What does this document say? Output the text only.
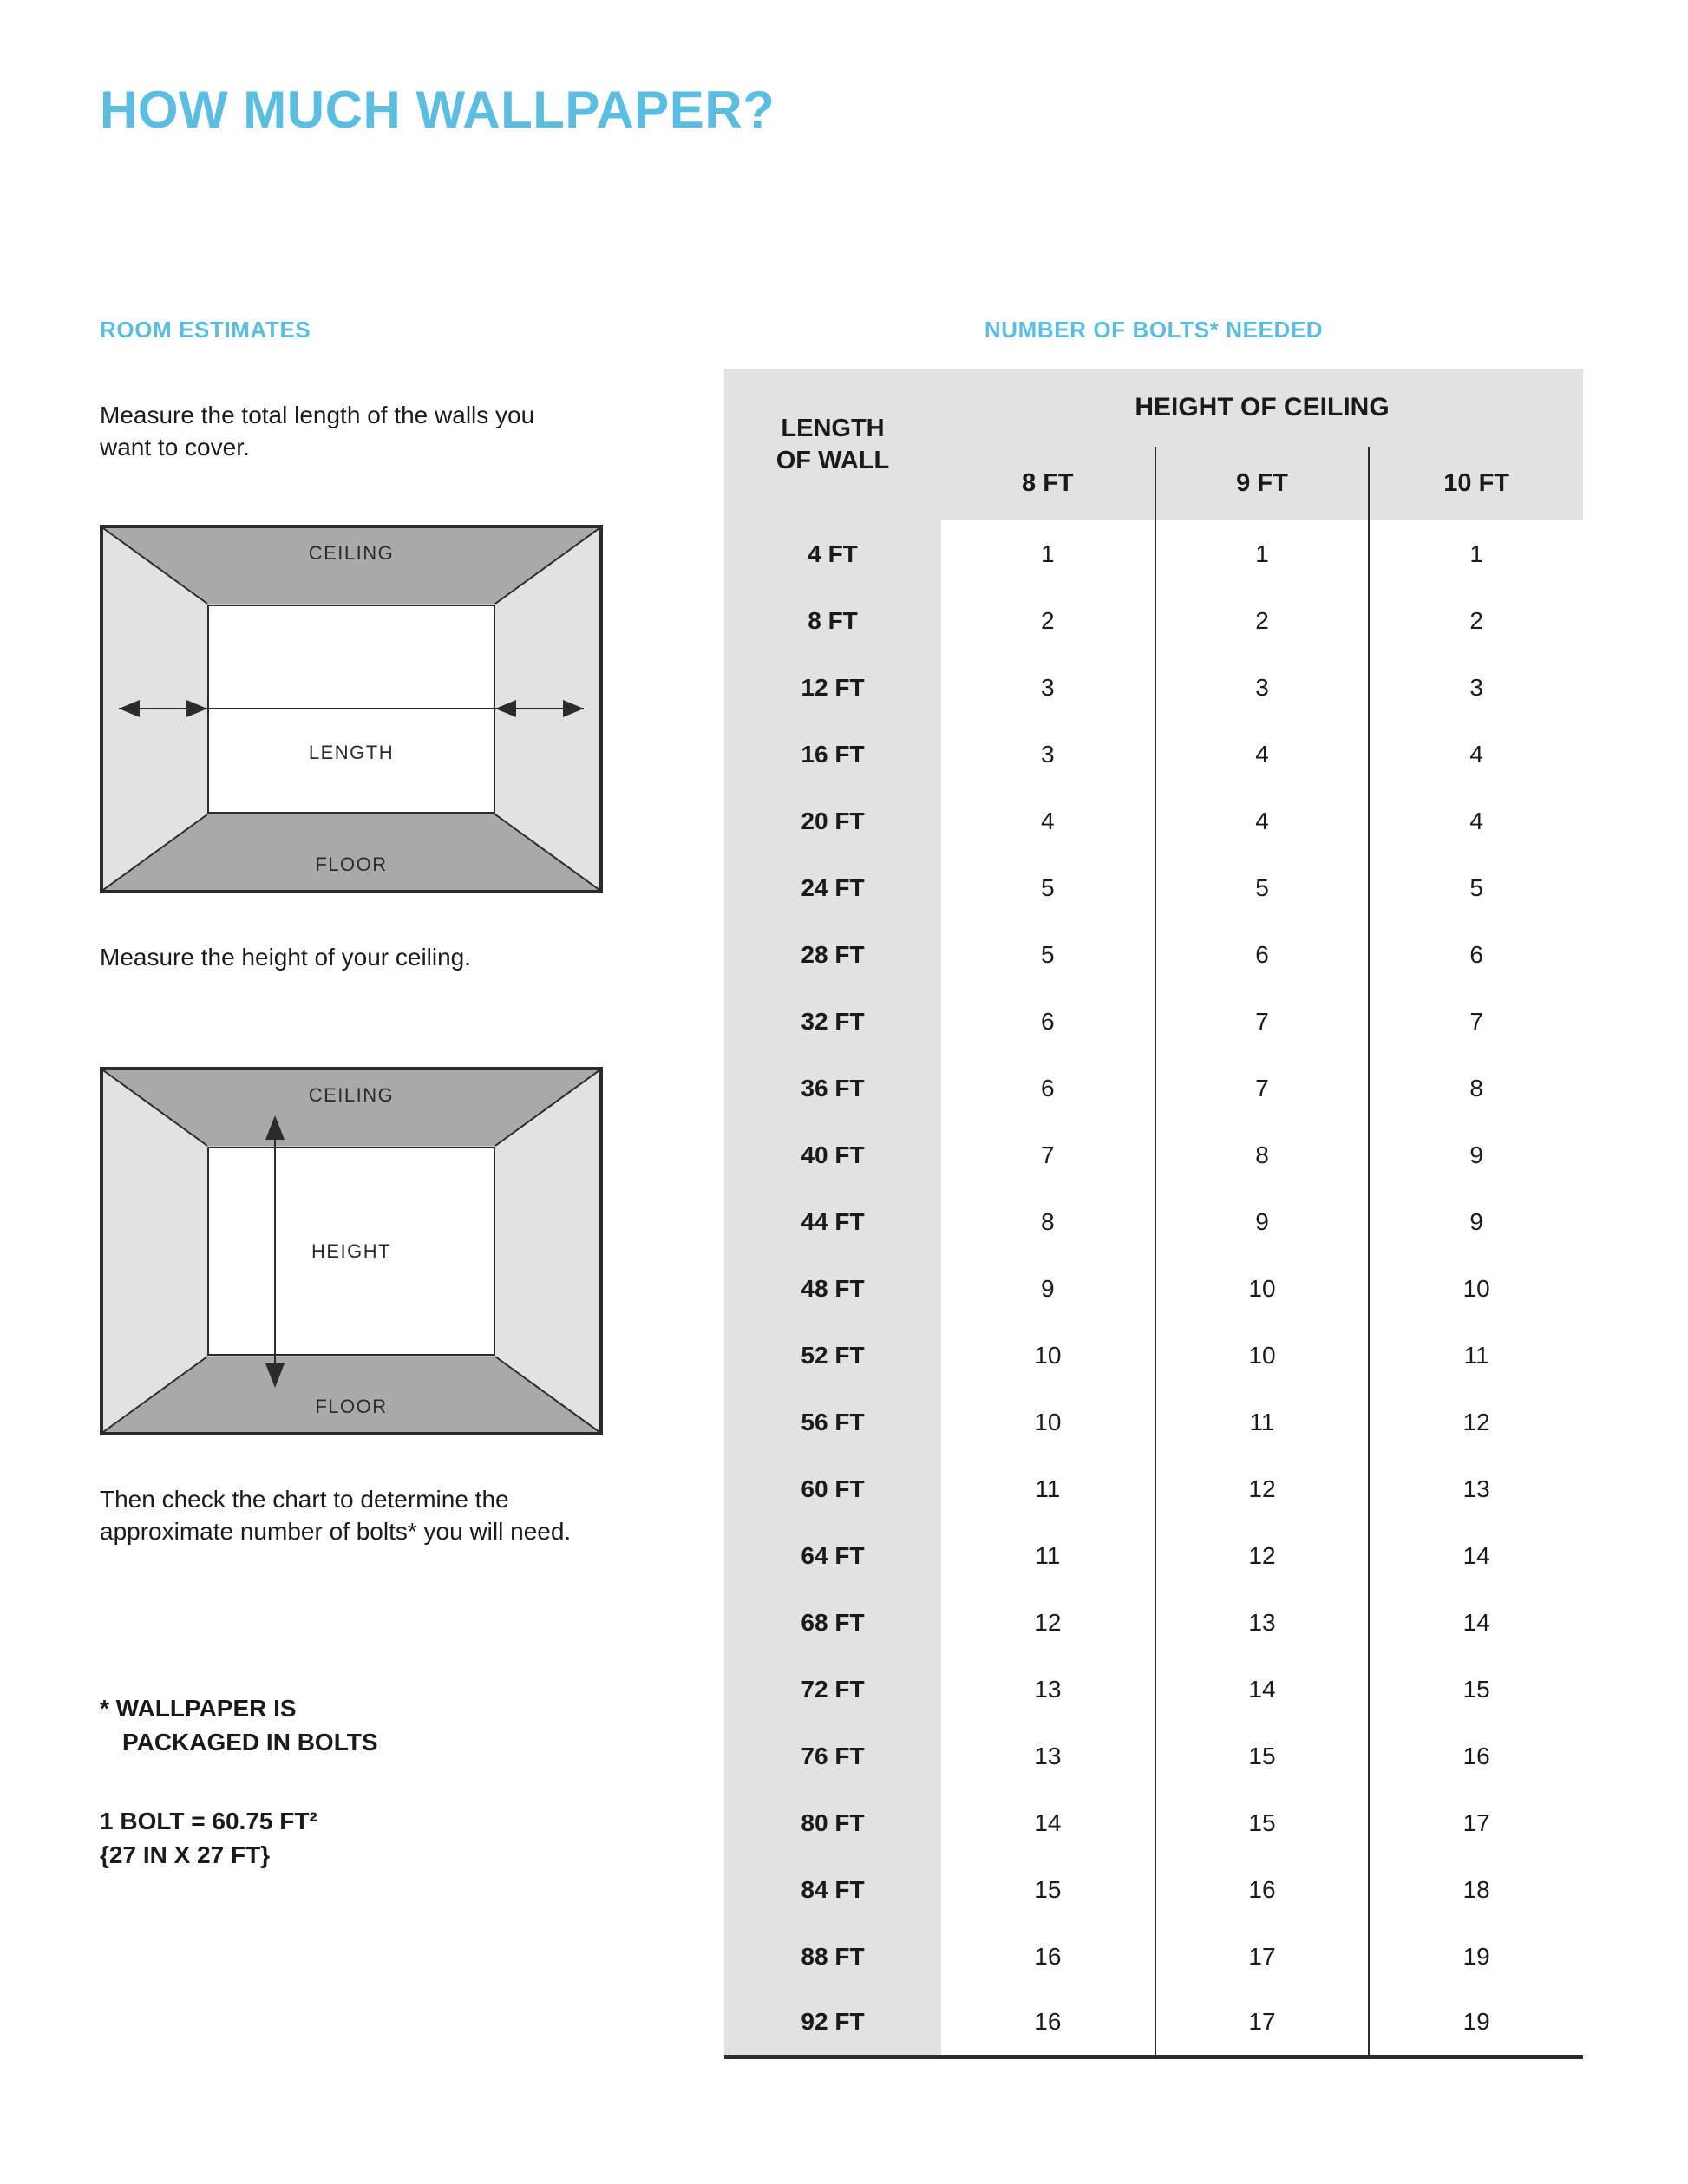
HOW MUCH WALLPAPER?
ROOM ESTIMATES
Measure the total length of the walls you want to cover.
CEILING
FLOOR
LENGTH
Measure the height of your ceiling.
CEILING
FLOOR
HEIGHT
Then check the chart to determine the approximate number of bolts* you will need.
* WALLPAPER IS

PACKAGED IN BOLTS
1 BOLT = 60.75 FT²
{27 IN X 27 FT}
NUMBER OF BOLTS* NEEDED
LENGTH
OF WALL	HEIGHT OF CEILING		
	8 FT	9 FT	10 FT
4 FT	1	1	1
8 FT	2	2	2
12 FT	3	3	3
16 FT	3	4	4
20 FT	4	4	4
24 FT	5	5	5
28 FT	5	6	6
32 FT	6	7	7
36 FT	6	7	8
40 FT	7	8	9
44 FT	8	9	9
48 FT	9	10	10
52 FT	10	10	11
56 FT	10	11	12
60 FT	11	12	13
64 FT	11	12	14
68 FT	12	13	14
72 FT	13	14	15
76 FT	13	15	16
80 FT	14	15	17
84 FT	15	16	18
88 FT	16	17	19
92 FT	16	17	19
